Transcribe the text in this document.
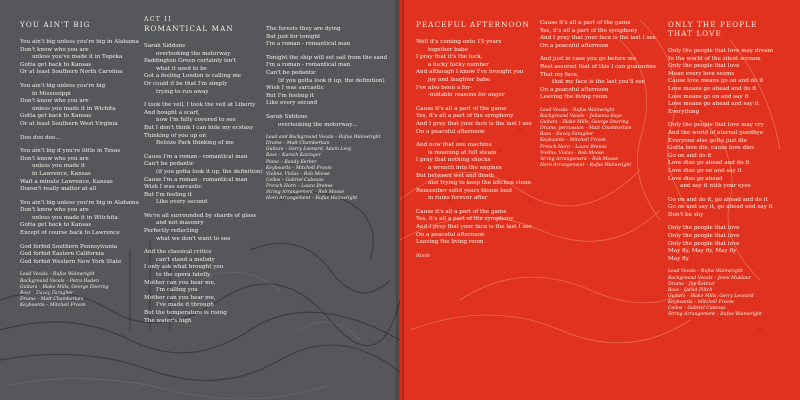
YOU AIN'T BIG
You ain't big unless you're big in Alabama
Don't know who you are
unless you've made it in Topeka
Gotta get back to Kansas
Or at least Southern North Carolina
You ain't big unless you're big
in Mississippi
Don't know who you are
unless you made it in Wichita
Gotta get back to Kansas
Or at least Southern West Virginia
Doo doo doo…
You ain't big if you're little in Texas
Don't know who you are
unless you made it
in Lawrence, Kansas
Wait a minute Lawrence, Kansas
Doesn't really matter at all
You ain't big unless you're big in Alabama
Don't know who you are
unless you made it in Witchita
Gotta get back to Kansas
Except of course back to Lawrence
God forbid Southern Pennsylvania
God forbid Eastern California
God forbid Western New York State
Lead Vocals – Rufus Wainwright
Background Vocals – Petra Haden
Guitars – Blake Mills, George Doering
Bass – Davey Faragher
Drums – Matt Chamberlain
Keyboards – Mitchell Froom
ACT II
ROMANTICAL MAN
Sarah Siddons
overlooking the motorway
Paddington Green certainly isn't
what it used to be
Got a feeling London is calling me
Or could it be that I'm simply
trying to run away
I took the veil, I took the veil at Liberty
And bought a scarf,
now I'm fully covered to see
But I don't think I can hide my ecstasy
Thinking of you up on
Belsize Park thinking of me
Cause I'm a roman - romantical man
Can't be pedantic
(if you gotta look it up, the definition)
Cause I'm a roman - romantical man
Wish I was sarcastic
But I'm feeling it
Like every second
We're all surrounded by shards of glass
and not masonry
Perfectly reflecting
what we don't want to see
And the classical critics
can't stand a melody
I only ask what brought you
to the opera fatefly
Mother can you hear me,
I'm calling you
Mother can you hear me,
I've made it through
But the temperature is rising
The water's high
The forests they are dying
But just for tonight
I'm a roman - romantical man
Tonight the ship will set sail from the sand
I'm a roman - romantical man
Can't be pedantic
(if you gotta look it up, the definition)
Wish I was sarcastic
But I'm feeling it
Like every second
Sarah Siddons
overlooking the motorway…
Lead and Background Vocals – Rufus Wainwright
Drums – Matt Chamberlain
Guitars – Gerry Leonard, Adam Levy
Bass – Karsch Kazinger
Piano – Randy Kerber
Keyboards – Mitchell Froom
Violins, Violas – Rob Moose
Cellos – Gabriel Cabezas
French Horn – Laura Brenes
String Arrangement – Rob Moose
Horn Arrangement – Rufus Wainwright
PEACEFUL AFTERNOON
Well it's coming onto 15 years
together babe
I pray that it's the luck,
a lucky lucky number
And although I know I've brought you
joy and laughter babe
I've also been a for-
-midable reasons for anger
Cause it's all a part of the game
Yes, it's all a part of the symphony
And I pray that your face is the last I see
On a peaceful afternoon
And now that one machine
is moaning at full steam
I pray that nothing shocks
a wrench into the engines
But between wet and death
and trying to keep the kitchen clean
Remember solid years bloom best
in ruins forever after
Cause it's all a part of the game
Yes, it's all a part of the symphony
And I pray that your face is the last I see
On a peaceful afternoon
Leaving the living room
Rinth
Cause it's all a part of the game
Yes, it's all a part of the symphony
And I pray that your face is the last I see
On a peaceful afternoon
And just in case you go before me
Rest assured that of this I can guarantee
That my face,
that my face is the last you'll see
On a peaceful afternoon
Leaving the living room
Lead Vocals – Rufus Wainwright
Background Vocals – Julianna Raye
Guitars – Blake Mills, George Doering
Drums, percussion – Matt Chamberlain
Bass – Davey Faragher
Keyboards – Mitchell Froom
French Horn – Laura Brenes
Violins, Violas – Rob Moose
String Arrangement – Rob Moose
Horn Arrangement – Rufus Wainwright
ONLY THE PEOPLE
THAT LOVE
Only the people that love may dream
In the world of the silent scream
Only the people that love
Mean every love seems
Cause love means go on and do it
Love means go ahead and do it
Love means go on and say it
Love means go ahead and say it
Everything
Only the people that love may cry
And the world of eternal goodbye
Everyone else gotta just die
Gotta love die, cause love dies
Go on and do it
Love dies go ahead and do it
Love dies go on and say it
Love dies go ahead
and say it with your eyes
Go on and do it, go ahead and do it
Go on and say it, go ahead and say it
Don't be shy
Only the people that love
Only the people that love
Only the people that love
May fly, May fly, May fly
May fly
Lead Vocals – Rufus Wainwright
Background Vocals – Jenni Muldaur
Drums – Jim Keltner
Bass – David Piltch
Guitars – Blake Mills, Gerry Leonard
Keyboards – Mitchell Froom
Cellos – Gabriel Cabezas
String Arrangement – Rufus Wainwright
